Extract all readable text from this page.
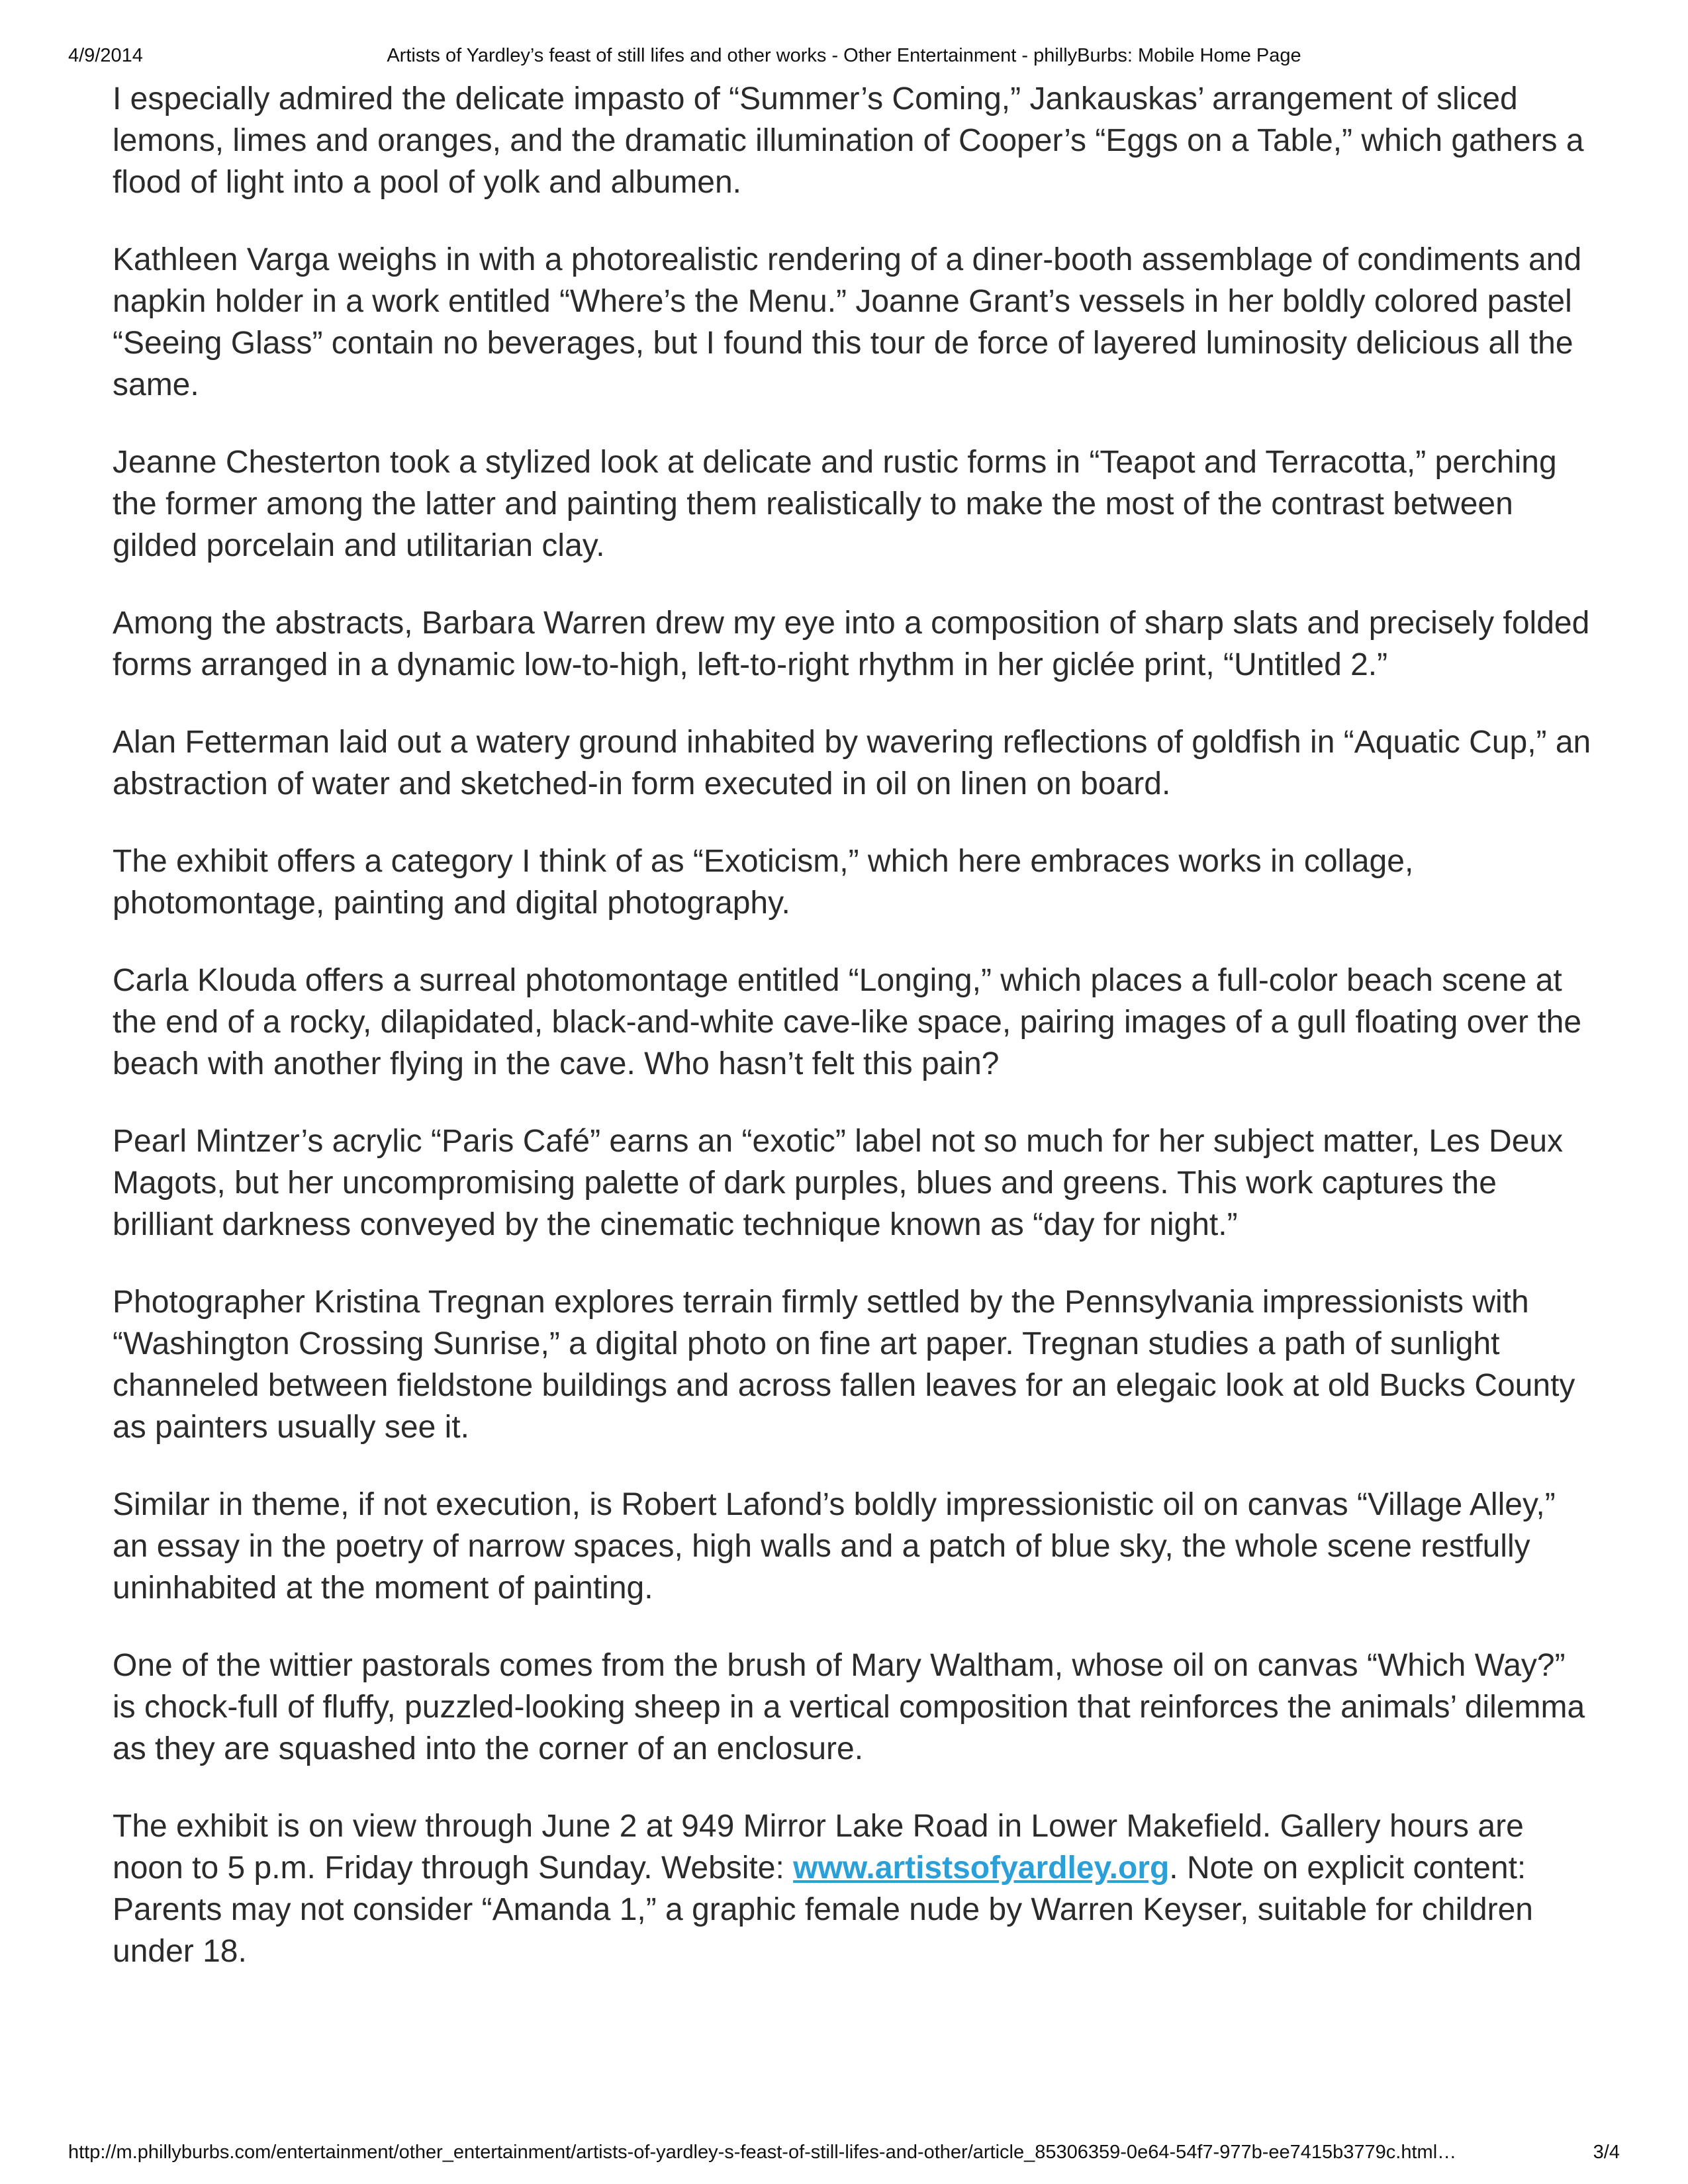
4/9/2014	Artists of Yardley’s feast of still lifes and other works - Other Entertainment - phillyBurbs: Mobile Home Page

I especially admired the delicate impasto of “Summer’s Coming,” Jankauskas’ arrangement of sliced lemons, limes and oranges, and the dramatic illumination of Cooper’s “Eggs on a Table,” which gathers a flood of light into a pool of yolk and albumen.

Kathleen Varga weighs in with a photorealistic rendering of a diner-booth assemblage of condiments and napkin holder in a work entitled “Where’s the Menu.” Joanne Grant’s vessels in her boldly colored pastel “Seeing Glass” contain no beverages, but I found this tour de force of layered luminosity delicious all the same.

Jeanne Chesterton took a stylized look at delicate and rustic forms in “Teapot and Terracotta,” perching the former among the latter and painting them realistically to make the most of the contrast between gilded porcelain and utilitarian clay.

Among the abstracts, Barbara Warren drew my eye into a composition of sharp slats and precisely folded forms arranged in a dynamic low-to-high, left-to-right rhythm in her giclée print, “Untitled 2.”

Alan Fetterman laid out a watery ground inhabited by wavering reflections of goldfish in “Aquatic Cup,” an abstraction of water and sketched-in form executed in oil on linen on board.

The exhibit offers a category I think of as “Exoticism,” which here embraces works in collage, photomontage, painting and digital photography.

Carla Klouda offers a surreal photomontage entitled “Longing,” which places a full-color beach scene at the end of a rocky, dilapidated, black-and-white cave-like space, pairing images of a gull floating over the beach with another flying in the cave. Who hasn’t felt this pain?

Pearl Mintzer’s acrylic “Paris Café” earns an “exotic” label not so much for her subject matter, Les Deux Magots, but her uncompromising palette of dark purples, blues and greens. This work captures the brilliant darkness conveyed by the cinematic technique known as “day for night.”

Photographer Kristina Tregnan explores terrain firmly settled by the Pennsylvania impressionists with “Washington Crossing Sunrise,” a digital photo on fine art paper. Tregnan studies a path of sunlight channeled between fieldstone buildings and across fallen leaves for an elegaic look at old Bucks County as painters usually see it.

Similar in theme, if not execution, is Robert Lafond’s boldly impressionistic oil on canvas “Village Alley,” an essay in the poetry of narrow spaces, high walls and a patch of blue sky, the whole scene restfully uninhabited at the moment of painting.

One of the wittier pastorals comes from the brush of Mary Waltham, whose oil on canvas “Which Way?” is chock-full of fluffy, puzzled-looking sheep in a vertical composition that reinforces the animals’ dilemma as they are squashed into the corner of an enclosure.

The exhibit is on view through June 2 at 949 Mirror Lake Road in Lower Makefield. Gallery hours are noon to 5 p.m. Friday through Sunday. Website: www.artistsofyardley.org. Note on explicit content: Parents may not consider “Amanda 1,” a graphic female nude by Warren Keyser, suitable for children under 18.

http://m.phillyburbs.com/entertainment/other_entertainment/artists-of-yardley-s-feast-of-still-lifes-and-other/article_85306359-0e64-54f7-977b-ee7415b3779c.html…	3/4
